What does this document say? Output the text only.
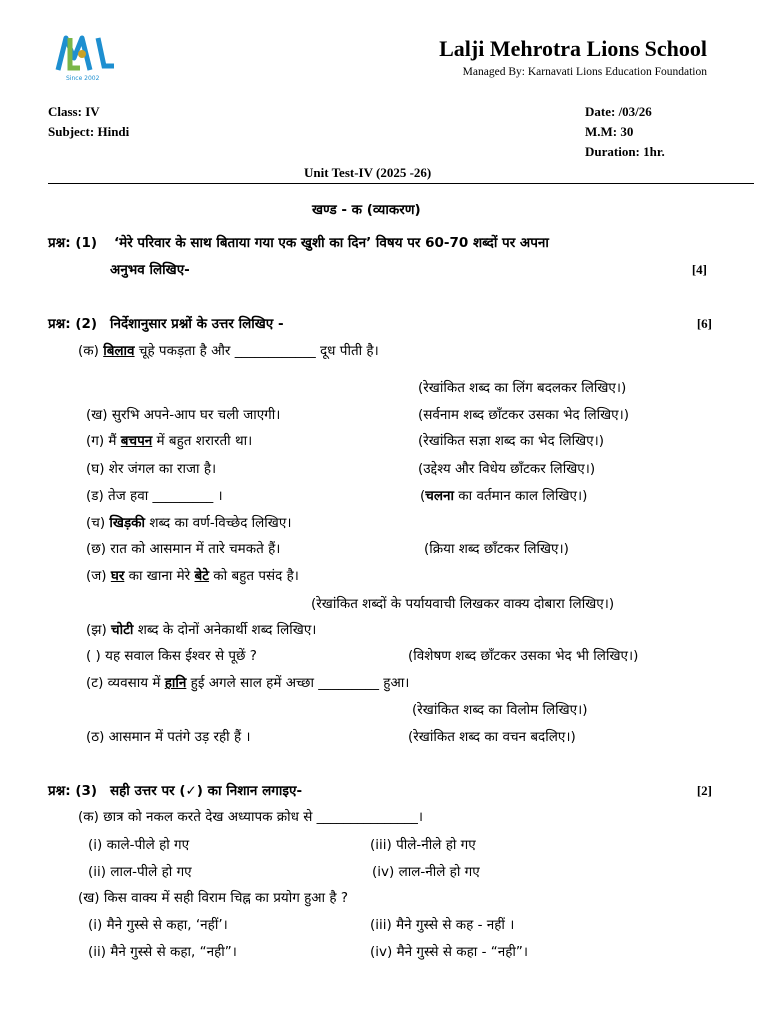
Since 2002
Lalji Mehrotra Lions School
Managed By: Karnavati Lions Education Foundation
Class: IV
Subject: Hindi
Date: /03/26
M.M: 30
Duration: 1hr.
Unit Test-IV (2025 -26)
खण्ड - क (व्याकरण)
प्रश्न: (1) ‘मेरे परिवार के साथ बिताया गया एक खुशी का दिन’ विषय पर 60-70 शब्दों पर अपना
अनुभव लिखिए-	[4]
प्रश्न: (2) निर्देशानुसार प्रश्नों के उत्तर लिखिए -	[6]
(क) बिलाव चूहे पकड़ता है और ____________ दूध पीती है।
(रेखांकित शब्द का लिंग बदलकर लिखिए।)
(ख) सुरभि अपने-आप घर चली जाएगी।	(सर्वनाम शब्द छाँटकर उसका भेद लिखिए।)
(ग) मैं बचपन में बहुत शरारती था।	(रेखांकित सज्ञा शब्द का भेद लिखिए।)
(घ) शेर जंगल का राजा है।	(उद्देश्य और विधेय छाँटकर लिखिए।)
(ड) तेज हवा _________ ।	(चलना का वर्तमान काल लिखिए।)
(च) खिड़की शब्द का वर्ण-विच्छेद लिखिए।
(छ) रात को आसमान में तारे चमकते हैं।	(क्रिया शब्द छाँटकर लिखिए।)
(ज) घर का खाना मेरे बेटे को बहुत पसंद है।
(रेखांकित शब्दों के पर्यायवाची लिखकर वाक्य दोबारा लिखिए।)
(झ) चोटी शब्द के दोनों अनेकार्थी शब्द लिखिए।
( ) यह सवाल किस ईश्वर से पूछें ?	(विशेषण शब्द छाँटकर उसका भेद भी लिखिए।)
(ट) व्यवसाय में हानि हुई अगले साल हमें अच्छा _________ हुआ।
(रेखांकित शब्द का विलोम लिखिए।)
(ठ) आसमान में पतंगे उड़ रही हैं ।	(रेखांकित शब्द का वचन बदलिए।)
प्रश्न: (3) सही उत्तर पर (✓) का निशान लगाइए-	[2]
(क) छात्र को नकल करते देख अध्यापक क्रोध से _______________।
(i) काले-पीले हो गए	(iii) पीले-नीले हो गए
(ii) लाल-पीले हो गए	(iv) लाल-नीले हो गए
(ख) किस वाक्य में सही विराम चिह्न का प्रयोग हुआ है ?
(i) मैने गुस्से से कहा, ‘नहीं’।	(iii) मैने गुस्से से कह - नहीं ।
(ii) मैने गुस्से से कहा, “नही”।	(iv) मैने गुस्से से कहा - “नही”।
